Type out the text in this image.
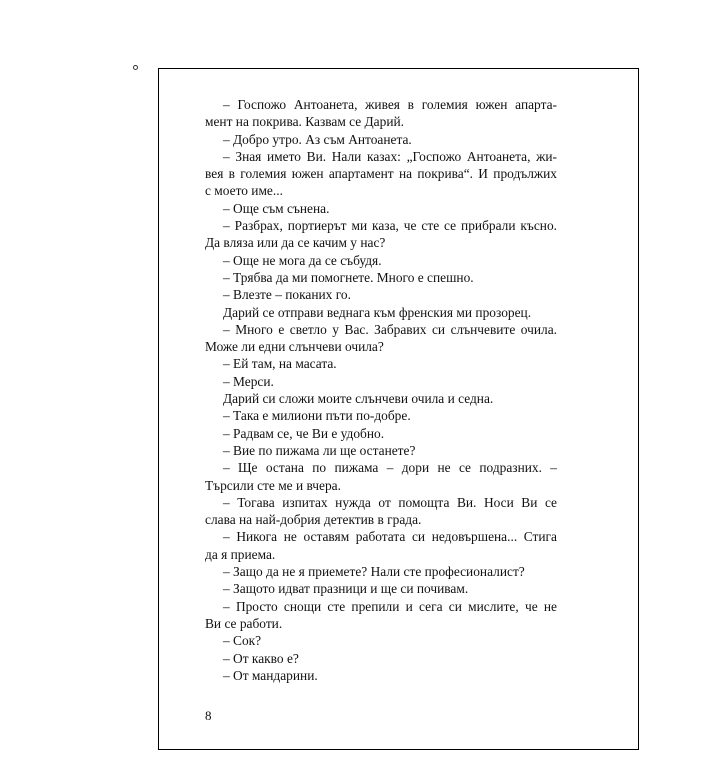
– Госпожо Антоанета, живея в големия южен апарта-
мент на покрива. Казвам се Дарий.
– Добро утро. Аз съм Антоанета.
– Зная името Ви. Нали казах: „Госпожо Антоанета, жи-
вея в големия южен апартамент на покрива“. И продължих
с моето име...
– Още съм сънена.
– Разбрах, портиерът ми каза, че сте се прибрали късно.
Да вляза или да се качим у нас?
– Още не мога да се събудя.
– Трябва да ми помогнете. Много е спешно.
– Влезте – поканих го.
Дарий се отправи веднага към френския ми прозорец.
– Много е светло у Вас. Забравих си слънчевите очила.
Може ли едни слънчеви очила?
– Ей там, на масата.
– Мерси.
Дарий си сложи моите слънчеви очила и седна.
– Така е милиони пъти по-добре.
– Радвам се, че Ви е удобно.
– Вие по пижама ли ще останете?
– Ще остана по пижама – дори не се подразних. –
Търсили сте ме и вчера.
– Тогава изпитах нужда от помощта Ви. Носи Ви се
слава на най-добрия детектив в града.
– Никога не оставям работата си недовършена... Стига
да я приема.
– Защо да не я приемете? Нали сте професионалист?
– Защото идват празници и ще си почивам.
– Просто снощи сте препили и сега си мислите, че не
Ви се работи.
– Сок?
– От какво е?
– От мандарини.
8
